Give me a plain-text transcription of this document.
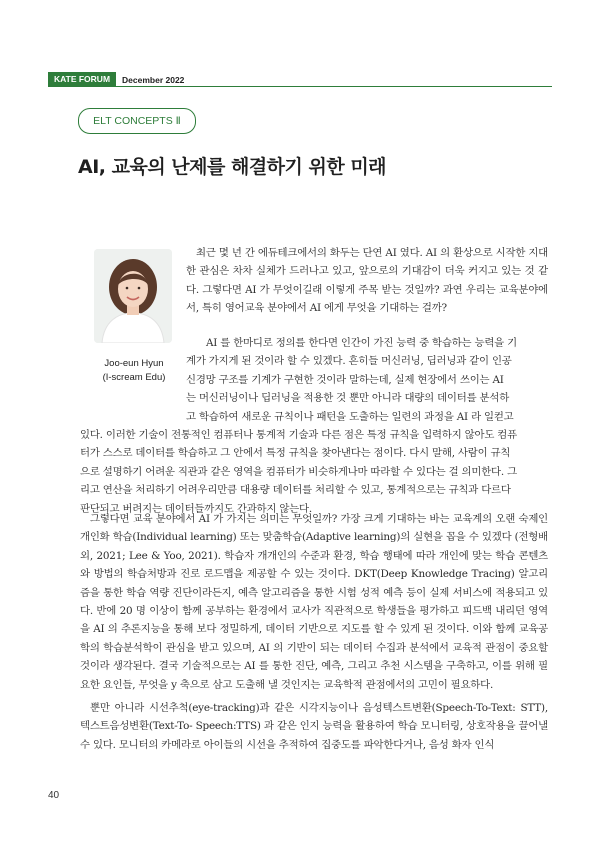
KATE FORUM	December 2022
ELT CONCEPTS Ⅱ
AI, 교육의 난제를 해결하기 위한 미래
Joo-eun Hyun
(I-scream Edu)

최근 몇 년 간 에듀테크에서의 화두는 단연 AI 였다. AI 의 환상으로 시작한 지대한 관심은 차차 실체가 드러나고 있고, 앞으로의 기대감이 더욱 커지고 있는 것 같다. 그렇다면 AI 가 무엇이길래 이렇게 주목 받는 것일까? 과연 우리는 교육분야에서, 특히 영어교육 분야에서 AI 에게 무엇을 기대하는 걸까?

AI 를 한마디로 정의를 한다면 인간이 가진 능력 중 학습하는 능력을 기
계가 가지게 된 것이라 할 수 있겠다. 흔히들 머신러닝, 딥러닝과 같이 인공
신경망 구조를 기계가 구현한 것이라 말하는데, 실제 현장에서 쓰이는 AI
는 머신러닝이나 딥러닝을 적용한 것 뿐만 아니라 대량의 데이터를 분석하
고 학습하여 새로운 규칙이나 패턴을 도출하는 일련의 과정을 AI 라 일컫고
있다. 이러한 기술이 전통적인 컴퓨터나 통계적 기술과 다른 점은 특정 규칙을 입력하지 않아도 컴퓨
터가 스스로 데이터를 학습하고 그 안에서 특정 규칙을 찾아낸다는 점이다. 다시 말해, 사람이 규칙
으로 설명하기 어려운 직관과 같은 영역을 컴퓨터가 비슷하게나마 따라할 수 있다는 걸 의미한다. 그
리고 연산을 처리하기 어려우리만큼 대용량 데이터를 처리할 수 있고, 통계적으로는 규칙과 다르다
판단되고 버려지는 데이터들까지도 간과하지 않는다.

그렇다면 교육 분야에서 AI 가 가지는 의미는 무엇일까? 가장 크게 기대하는 바는 교육계의 오랜 숙제인 개인화 학습(Individual learning) 또는 맞춤학습(Adaptive learning)의 실현을 꼽을 수 있겠다 (전형배 외, 2021; Lee & Yoo, 2021). 학습자 개개인의 수준과 환경, 학습 행태에 따라 개인에 맞는 학습 콘텐츠와 방법의 학습처방과 진로 로드맵을 제공할 수 있는 것이다. DKT(Deep Knowledge Tracing) 알고리즘을 통한 학습 역량 진단이라든지, 예측 알고리즘을 통한 시험 성적 예측 등이 실제 서비스에 적용되고 있다. 반에 20 명 이상이 함께 공부하는 환경에서 교사가 직관적으로 학생들을 평가하고 피드백 내리던 영역을 AI 의 추론지능을 통해 보다 정밀하게, 데이터 기반으로 지도를 할 수 있게 된 것이다. 이와 함께 교육공학의 학습분석학이 관심을 받고 있으며, AI 의 기반이 되는 데이터 수집과 분석에서 교육적 관점이 중요할 것이라 생각된다. 결국 기술적으로는 AI 를 통한 진단, 예측, 그리고 추천 시스템을 구축하고, 이를 위해 필요한 요인들, 무엇을 y 축으로 삼고 도출해 낼 것인지는 교육학적 관점에서의 고민이 필요하다.

뿐만 아니라 시선추척(eye-tracking)과 같은 시각지능이나 음성텍스트변환(Speech-To-Text: STT), 텍스트음성변환(Text-To- Speech:TTS) 과 같은 인지 능력을 활용하여 학습 모니터링, 상호작용을 끌어낼 수 있다. 모니터의 카메라로 아이들의 시선을 추적하여 집중도를 파악한다거나, 음성 화자 인식

40
